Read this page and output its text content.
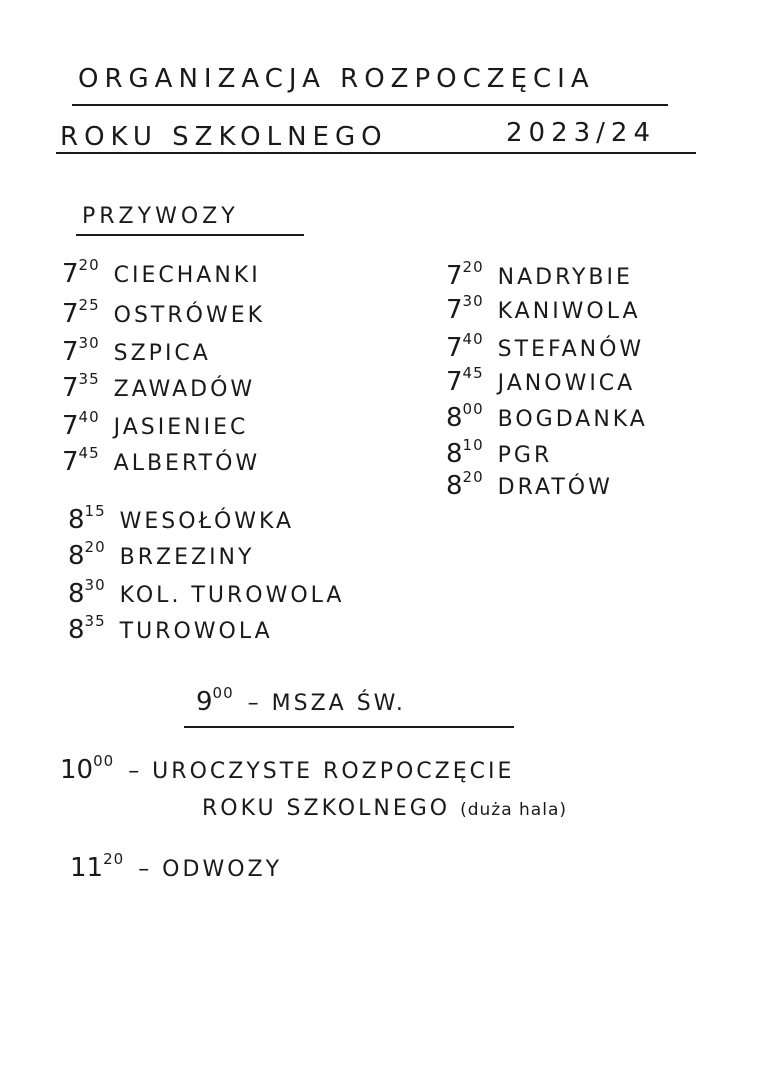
ORGANIZACJA ROZPOCZĘCIA
ROKU SZKOLNEGO	2023/24
PRZYWOZY
720 CIECHANKI
725 OSTRÓWEK
730 SZPICA
735 ZAWADÓW
740 JASIENIEC
745 ALBERTÓW
720 NADRYBIE
730 KANIWOLA
740 STEFANÓW
745 JANOWICA
800 BOGDANKA
810 PGR
820 DRATÓW
815 WESOŁÓWKA
820 BRZEZINY
830 KOL. TUROWOLA
835 TUROWOLA
900 – MSZA ŚW.
1000 – UROCZYSTE ROZPOCZĘCIE
ROKU SZKOLNEGO (duża hala)
1120 – ODWOZY
